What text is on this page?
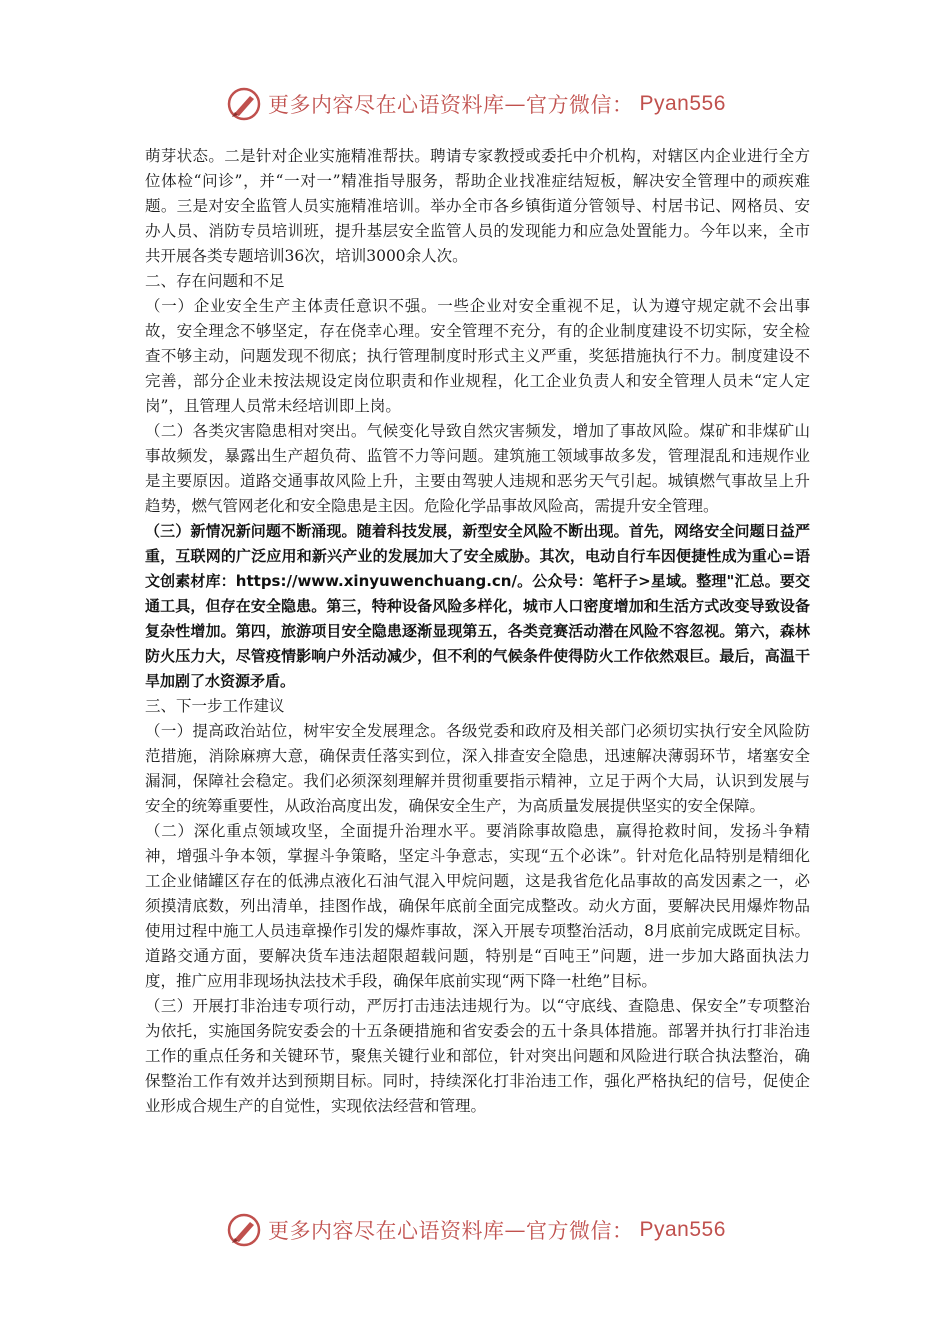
更多内容尽在心语资料库 — 官方微信： Pyan556

萌芽状态。二是针对企业实施精准帮扶。聘请专家教授或委托中介机构，对辖区内企业进行全方位体检“问诊”，并“一对一”精准指导服务，帮助企业找准症结短板，解决安全管理中的顽疾难题。三是对安全监管人员实施精准培训。举办全市各乡镇街道分管领导、村居书记、网格员、安办人员、消防专员培训班，提升基层安全监管人员的发现能力和应急处置能力。今年以来，全市共开展各类专题培训36次，培训3000余人次。

二、存在问题和不足

（一）企业安全生产主体责任意识不强。一些企业对安全重视不足，认为遵守规定就不会出事故，安全理念不够坚定，存在侥幸心理。安全管理不充分，有的企业制度建设不切实际，安全检查不够主动，问题发现不彻底；执行管理制度时形式主义严重，奖惩措施执行不力。制度建设不完善，部分企业未按法规设定岗位职责和作业规程，化工企业负责人和安全管理人员未“定人定岗”，且管理人员常未经培训即上岗。

（二）各类灾害隐患相对突出。气候变化导致自然灾害频发，增加了事故风险。煤矿和非煤矿山事故频发，暴露出生产超负荷、监管不力等问题。建筑施工领域事故多发，管理混乱和违规作业是主要原因。道路交通事故风险上升，主要由驾驶人违规和恶劣天气引起。城镇燃气事故呈上升趋势，燃气管网老化和安全隐患是主因。危险化学品事故风险高，需提升安全管理。

（三）新情况新问题不断涌现。随着科技发展，新型安全风险不断出现。首先，网络安全问题日益严重，互联网的广泛应用和新兴产业的发展加大了安全威胁。其次，电动自行车因便捷性成为重心=语文创素材库：https://www.xinyuwenchuang.cn/。公众号：笔杆子>星域。整理"汇总。要交通工具，但存在安全隐患。第三，特种设备风险多样化，城市人口密度增加和生活方式改变导致设备复杂性增加。第四，旅游项目安全隐患逐渐显现第五，各类竞赛活动潜在风险不容忽视。第六，森林防火压力大，尽管疫情影响户外活动减少，但不利的气候条件使得防火工作依然艰巨。最后，高温干旱加剧了水资源矛盾。

三、下一步工作建议

（一）提高政治站位，树牢安全发展理念。各级党委和政府及相关部门必须切实执行安全风险防范措施，消除麻痹大意，确保责任落实到位，深入排查安全隐患，迅速解决薄弱环节，堵塞安全漏洞，保障社会稳定。我们必须深刻理解并贯彻重要指示精神，立足于两个大局，认识到发展与安全的统筹重要性，从政治高度出发，确保安全生产，为高质量发展提供坚实的安全保障。

（二）深化重点领域攻坚，全面提升治理水平。要消除事故隐患，赢得抢救时间，发扬斗争精神，增强斗争本领，掌握斗争策略，坚定斗争意志，实现“五个必诛”。针对危化品特别是精细化工企业储罐区存在的低沸点液化石油气混入甲烷问题，这是我省危化品事故的高发因素之一，必须摸清底数，列出清单，挂图作战，确保年底前全面完成整改。动火方面，要解决民用爆炸物品使用过程中施工人员违章操作引发的爆炸事故，深入开展专项整治活动，8月底前完成既定目标。道路交通方面，要解决货车违法超限超载问题，特别是“百吨王”问题，进一步加大路面执法力度，推广应用非现场执法技术手段，确保年底前实现“两下降一杜绝”目标。

（三）开展打非治违专项行动，严厉打击违法违规行为。以“守底线、查隐患、保安全”专项整治为依托，实施国务院安委会的十五条硬措施和省安委会的五十条具体措施。部署并执行打非治违工作的重点任务和关键环节，聚焦关键行业和部位，针对突出问题和风险进行联合执法整治，确保整治工作有效并达到预期目标。同时，持续深化打非治违工作，强化严格执纪的信号，促使企业形成合规生产的自觉性，实现依法经营和管理。

更多内容尽在心语资料库 — 官方微信： Pyan556
